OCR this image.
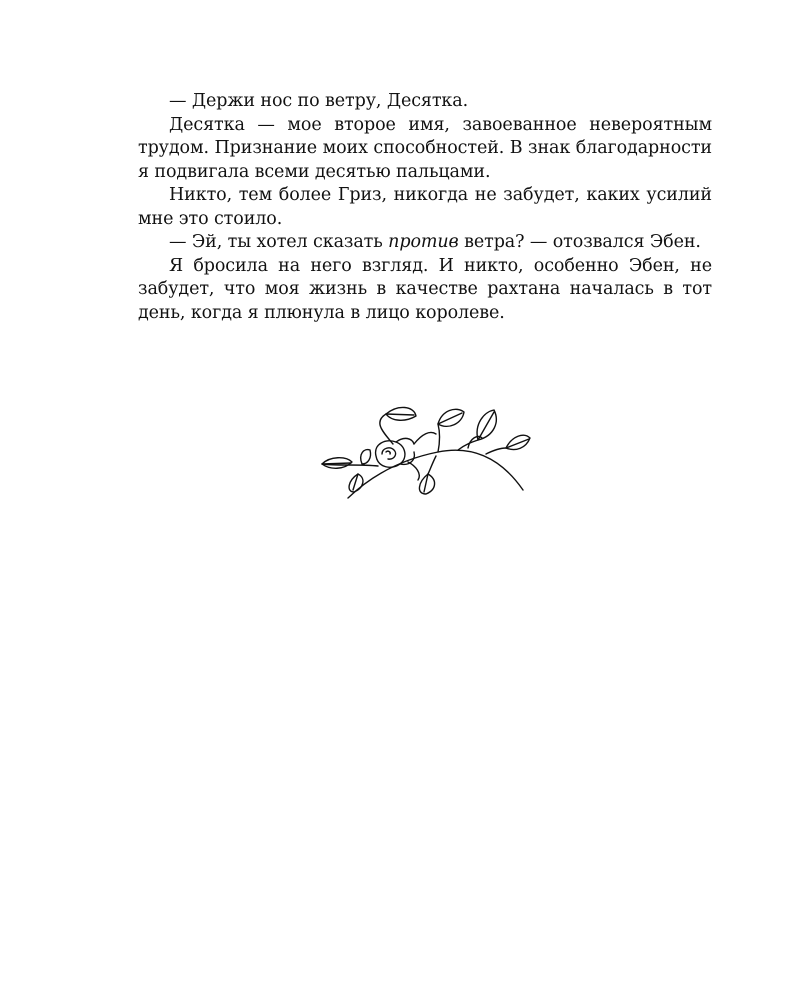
— Держи нос по ветру, Десятка.

Десятка — мое второе имя, завоеванное невероятным трудом. Признание моих способностей. В знак благодарности я подвигала всеми десятью пальцами.

Никто, тем более Гриз, никогда не забудет, каких усилий мне это стоило.

— Эй, ты хотел сказать против ветра? — отозвался Эбен.

Я бросила на него взгляд. И никто, особенно Эбен, не забудет, что моя жизнь в качестве рахтана началась в тот день, когда я плюнула в лицо королеве.
